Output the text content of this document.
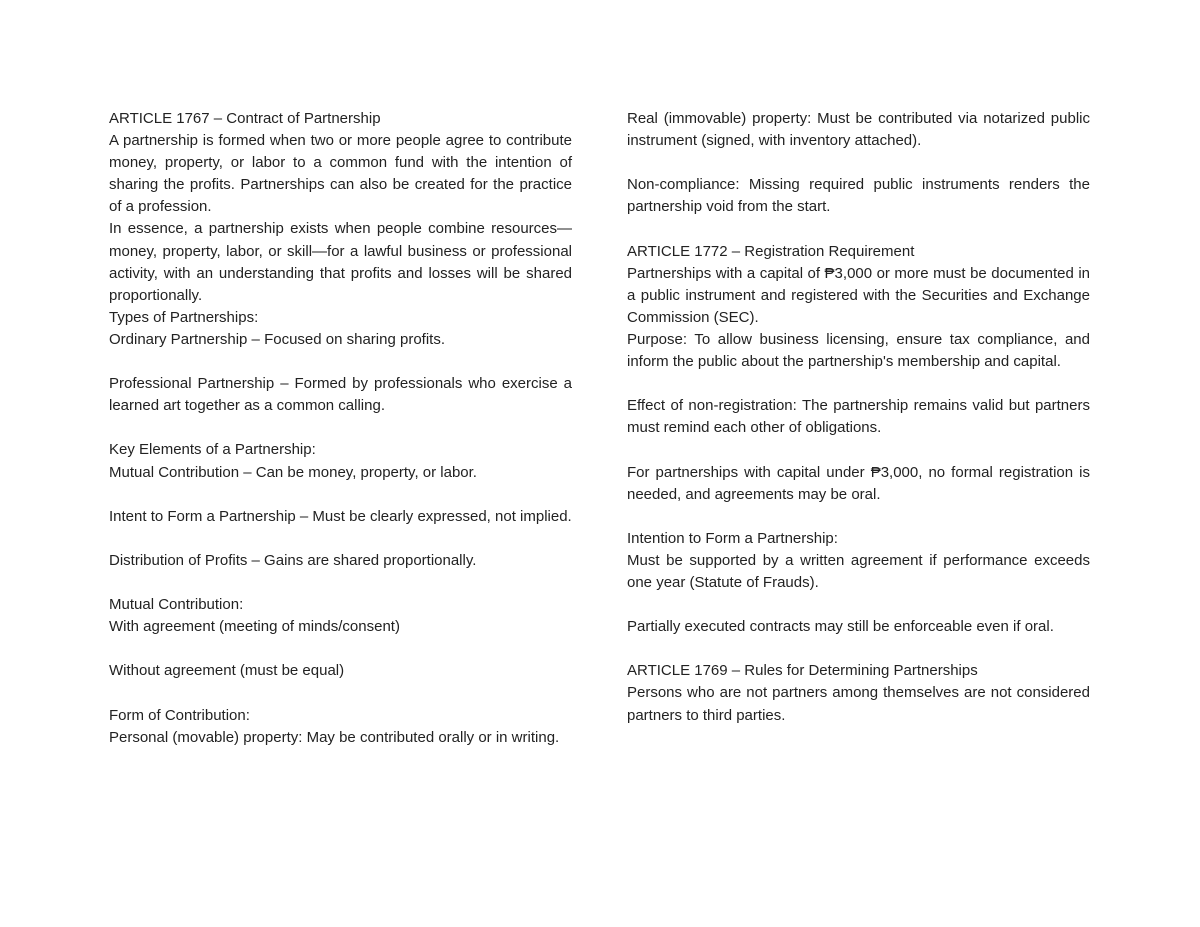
ARTICLE 1767 – Contract of Partnership

A partnership is formed when two or more people agree to contribute money, property, or labor to a common fund with the intention of sharing the profits. Partnerships can also be created for the practice of a profession.

In essence, a partnership exists when people combine resources—money, property, labor, or skill—for a lawful business or professional activity, with an understanding that profits and losses will be shared proportionally.

Types of Partnerships:

Ordinary Partnership – Focused on sharing profits.

Professional Partnership – Formed by professionals who exercise a learned art together as a common calling.

Key Elements of a Partnership:

Mutual Contribution – Can be money, property, or labor.

Intent to Form a Partnership – Must be clearly expressed, not implied.

Distribution of Profits – Gains are shared proportionally.

Mutual Contribution:

With agreement (meeting of minds/consent)

Without agreement (must be equal)

Form of Contribution:

Personal (movable) property: May be contributed orally or in writing.

Real (immovable) property: Must be contributed via notarized public instrument (signed, with inventory attached).

Non-compliance: Missing required public instruments renders the partnership void from the start.

ARTICLE 1772 – Registration Requirement

Partnerships with a capital of ₱3,000 or more must be documented in a public instrument and registered with the Securities and Exchange Commission (SEC).

Purpose: To allow business licensing, ensure tax compliance, and inform the public about the partnership's membership and capital.

Effect of non-registration: The partnership remains valid but partners must remind each other of obligations.

For partnerships with capital under ₱3,000, no formal registration is needed, and agreements may be oral.

Intention to Form a Partnership:

Must be supported by a written agreement if performance exceeds one year (Statute of Frauds).

Partially executed contracts may still be enforceable even if oral.

ARTICLE 1769 – Rules for Determining Partnerships

Persons who are not partners among themselves are not considered partners to third parties.
